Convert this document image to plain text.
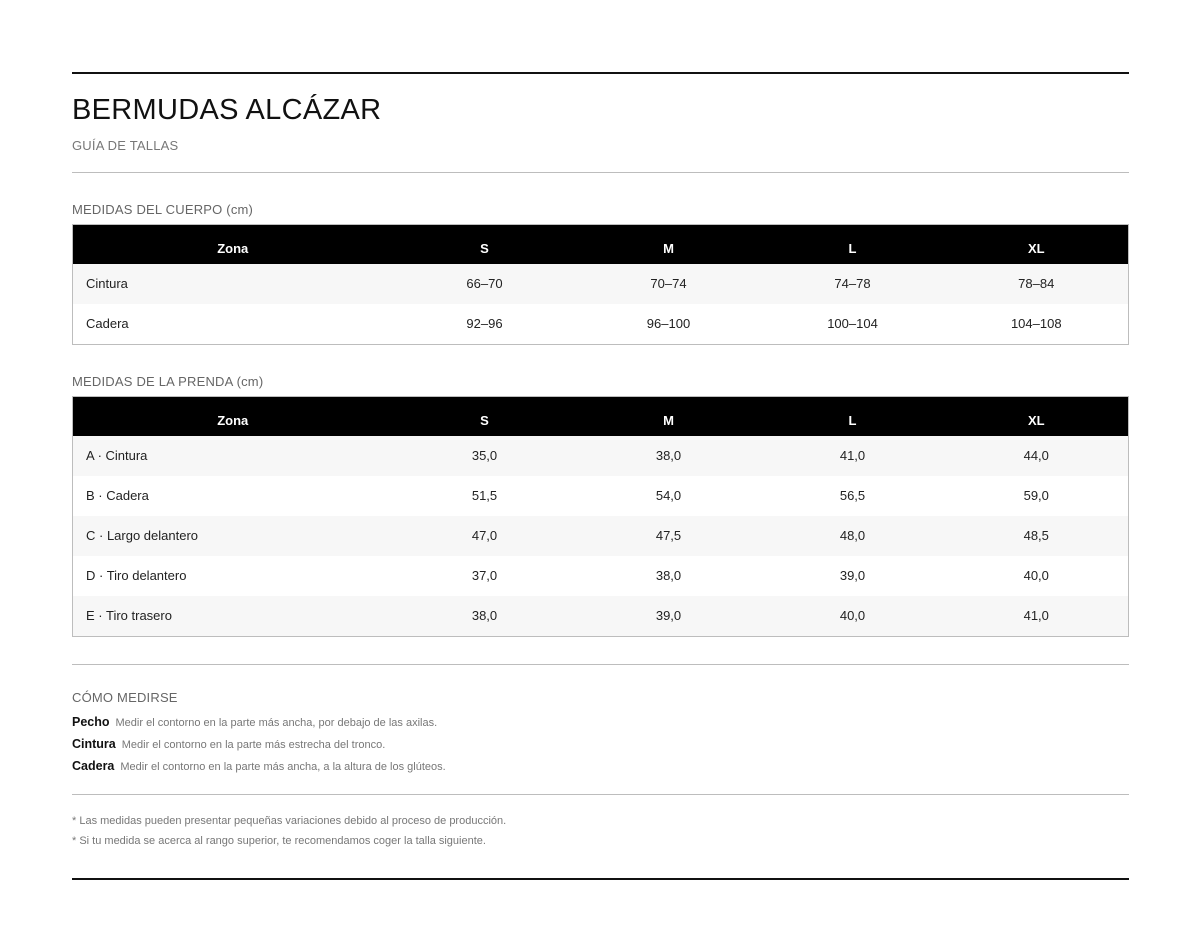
BERMUDAS ALCÁZAR
GUÍA DE TALLAS
MEDIDAS DEL CUERPO (cm)
Zona	S	M	L	XL
Cintura	66–70	70–74	74–78	78–84
Cadera	92–96	96–100	100–104	104–108
MEDIDAS DE LA PRENDA (cm)
Zona	S	M	L	XL
A · Cintura	35,0	38,0	41,0	44,0
B · Cadera	51,5	54,0	56,5	59,0
C · Largo delantero	47,0	47,5	48,0	48,5
D · Tiro delantero	37,0	38,0	39,0	40,0
E · Tiro trasero	38,0	39,0	40,0	41,0
CÓMO MEDIRSE
Pecho Medir el contorno en la parte más ancha, por debajo de las axilas.
Cintura Medir el contorno en la parte más estrecha del tronco.
Cadera Medir el contorno en la parte más ancha, a la altura de los glúteos.
* Las medidas pueden presentar pequeñas variaciones debido al proceso de producción.
* Si tu medida se acerca al rango superior, te recomendamos coger la talla siguiente.
